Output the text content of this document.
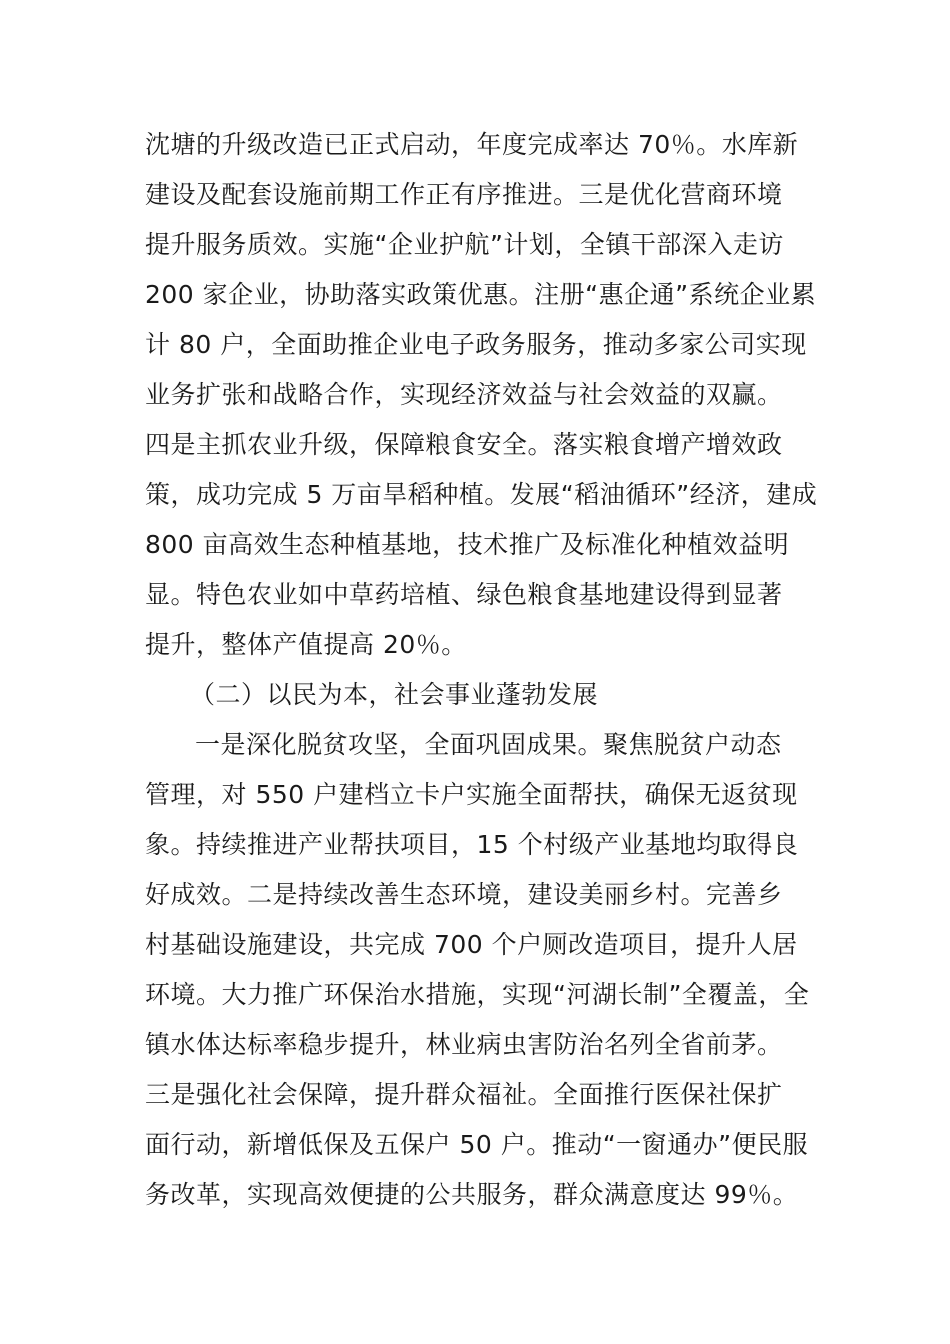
沈塘的升级改造已正式启动，年度完成率达 70％。水库新
建设及配套设施前期工作正有序推进。三是优化营商环境
提升服务质效。实施“企业护航”计划，全镇干部深入走访
200 家企业，协助落实政策优惠。注册“惠企通”系统企业累
计 80 户，全面助推企业电子政务服务，推动多家公司实现
业务扩张和战略合作，实现经济效益与社会效益的双赢。
四是主抓农业升级，保障粮食安全。落实粮食增产增效政
策，成功完成 5 万亩旱稻种植。发展“稻油循环”经济，建成
800 亩高效生态种植基地，技术推广及标准化种植效益明
显。特色农业如中草药培植、绿色粮食基地建设得到显著
提升，整体产值提高 20％。
（二）以民为本，社会事业蓬勃发展
一是深化脱贫攻坚，全面巩固成果。聚焦脱贫户动态
管理，对 550 户建档立卡户实施全面帮扶，确保无返贫现
象。持续推进产业帮扶项目，15 个村级产业基地均取得良
好成效。二是持续改善生态环境，建设美丽乡村。完善乡
村基础设施建设，共完成 700 个户厕改造项目，提升人居
环境。大力推广环保治水措施，实现“河湖长制”全覆盖，全
镇水体达标率稳步提升，林业病虫害防治名列全省前茅。
三是强化社会保障，提升群众福祉。全面推行医保社保扩
面行动，新增低保及五保户 50 户。推动“一窗通办”便民服
务改革，实现高效便捷的公共服务，群众满意度达 99％。
